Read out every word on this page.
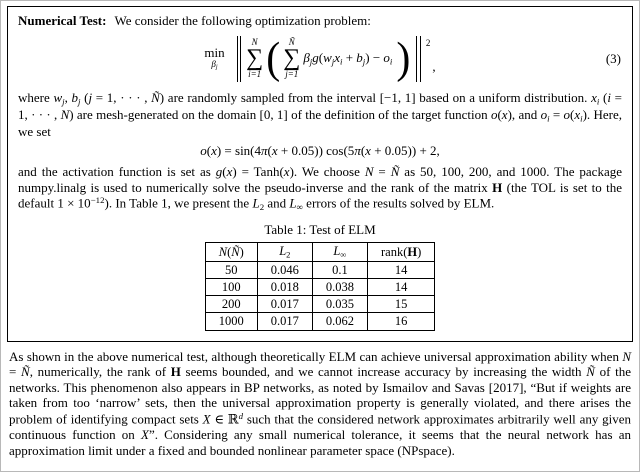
Numerical Test: We consider the following optimization problem:

min
βj
N
∑
i=1 ( Ñ
∑
j=1
βjg(wjxi + bj) − oi ) 2
,
(3)

where wj, bj (j = 1, · · · , Ñ) are randomly sampled from the interval [−1, 1] based on a uniform distribution. xi (i = 1, · · · , N) are mesh-generated on the domain [0, 1] of the definition of the target function o(x), and oi = o(xi). Here, we set

o(x) = sin(4π(x + 0.05)) cos(5π(x + 0.05)) + 2,

and the activation function is set as g(x) = Tanh(x). We choose N = Ñ as 50, 100, 200, and 1000. The package numpy.linalg is used to numerically solve the pseudo-inverse and the rank of the matrix H (the TOL is set to the default $1 \times 10^{-12}$). In Table 1, we present the L2 and L∞ errors of the results solved by ELM.

Table 1: Test of ELM
N(Ñ)	L2	L∞	rank(H)
50	0.046	0.1	14
100	0.018	0.038	14
200	0.017	0.035	15
1000	0.017	0.062	16

As shown in the above numerical test, although theoretically ELM can achieve universal approximation ability when N = Ñ, numerically, the rank of H seems bounded, and we cannot increase accuracy by increasing the width Ñ of the networks. This phenomenon also appears in BP networks, as noted by Ismailov and Savas [2017], “But if weights are taken from too ‘narrow’ sets, then the universal approximation property is generally violated, and there arises the problem of identifying compact sets X ∈ ℝ$^d$ such that the considered network approximates arbitrarily well any given continuous function on X”. Considering any small numerical tolerance, it seems that the neural network has an approximation limit under a fixed and bounded nonlinear parameter space (NPspace).
